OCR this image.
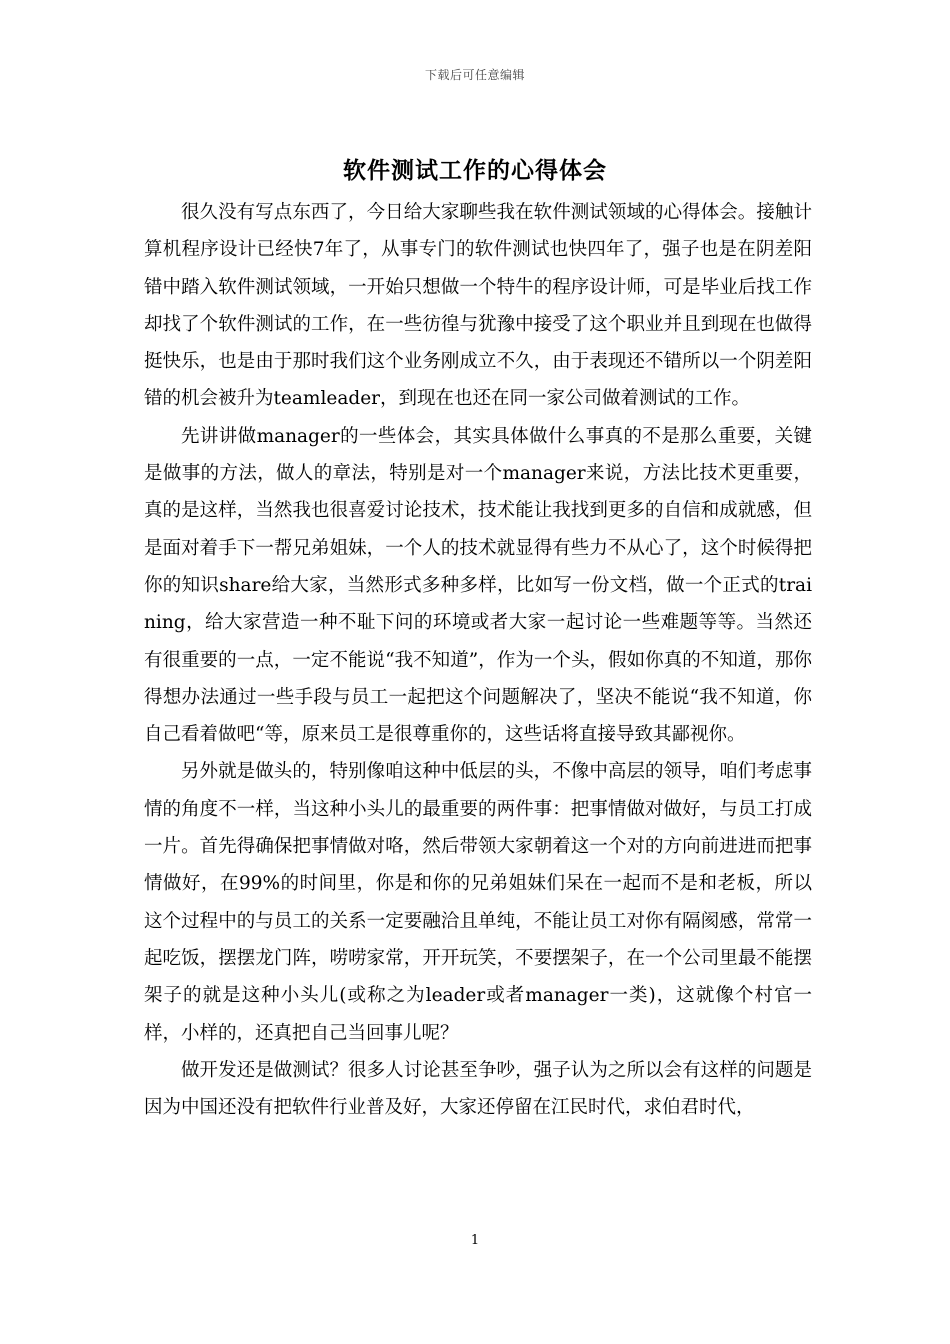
下载后可任意编辑
软件测试工作的心得体会

很久没有写点东西了，今日给大家聊些我在软件测试领域的心得体会。接触计算机程序设计已经快7年了，从事专门的软件测试也快四年了，强子也是在阴差阳错中踏入软件测试领域，一开始只想做一个特牛的程序设计师，可是毕业后找工作却找了个软件测试的工作，在一些彷徨与犹豫中接受了这个职业并且到现在也做得挺快乐，也是由于那时我们这个业务刚成立不久，由于表现还不错所以一个阴差阳错的机会被升为teamleader，到现在也还在同一家公司做着测试的工作。

先讲讲做manager的一些体会，其实具体做什么事真的不是那么重要，关键是做事的方法，做人的章法，特别是对一个manager来说，方法比技术更重要，真的是这样，当然我也很喜爱讨论技术，技术能让我找到更多的自信和成就感，但是面对着手下一帮兄弟姐妹，一个人的技术就显得有些力不从心了，这个时候得把你的知识share给大家，当然形式多种多样，比如写一份文档，做一个正式的training，给大家营造一种不耻下问的环境或者大家一起讨论一些难题等等。当然还有很重要的一点，一定不能说“我不知道”，作为一个头，假如你真的不知道，那你得想办法通过一些手段与员工一起把这个问题解决了，坚决不能说“我不知道，你自己看着做吧“等，原来员工是很尊重你的，这些话将直接导致其鄙视你。

另外就是做头的，特别像咱这种中低层的头，不像中高层的领导，咱们考虑事情的角度不一样，当这种小头儿的最重要的两件事：把事情做对做好，与员工打成一片。首先得确保把事情做对咯，然后带领大家朝着这一个对的方向前进进而把事情做好，在99%的时间里，你是和你的兄弟姐妹们呆在一起而不是和老板，所以这个过程中的与员工的关系一定要融洽且单纯，不能让员工对你有隔阂感，常常一起吃饭，摆摆龙门阵，唠唠家常，开开玩笑，不要摆架子，在一个公司里最不能摆架子的就是这种小头儿(或称之为leader或者manager一类)，这就像个村官一样，小样的，还真把自己当回事儿呢？

做开发还是做测试？很多人讨论甚至争吵，强子认为之所以会有这样的问题是因为中国还没有把软件行业普及好，大家还停留在江民时代，求伯君时代，

1
